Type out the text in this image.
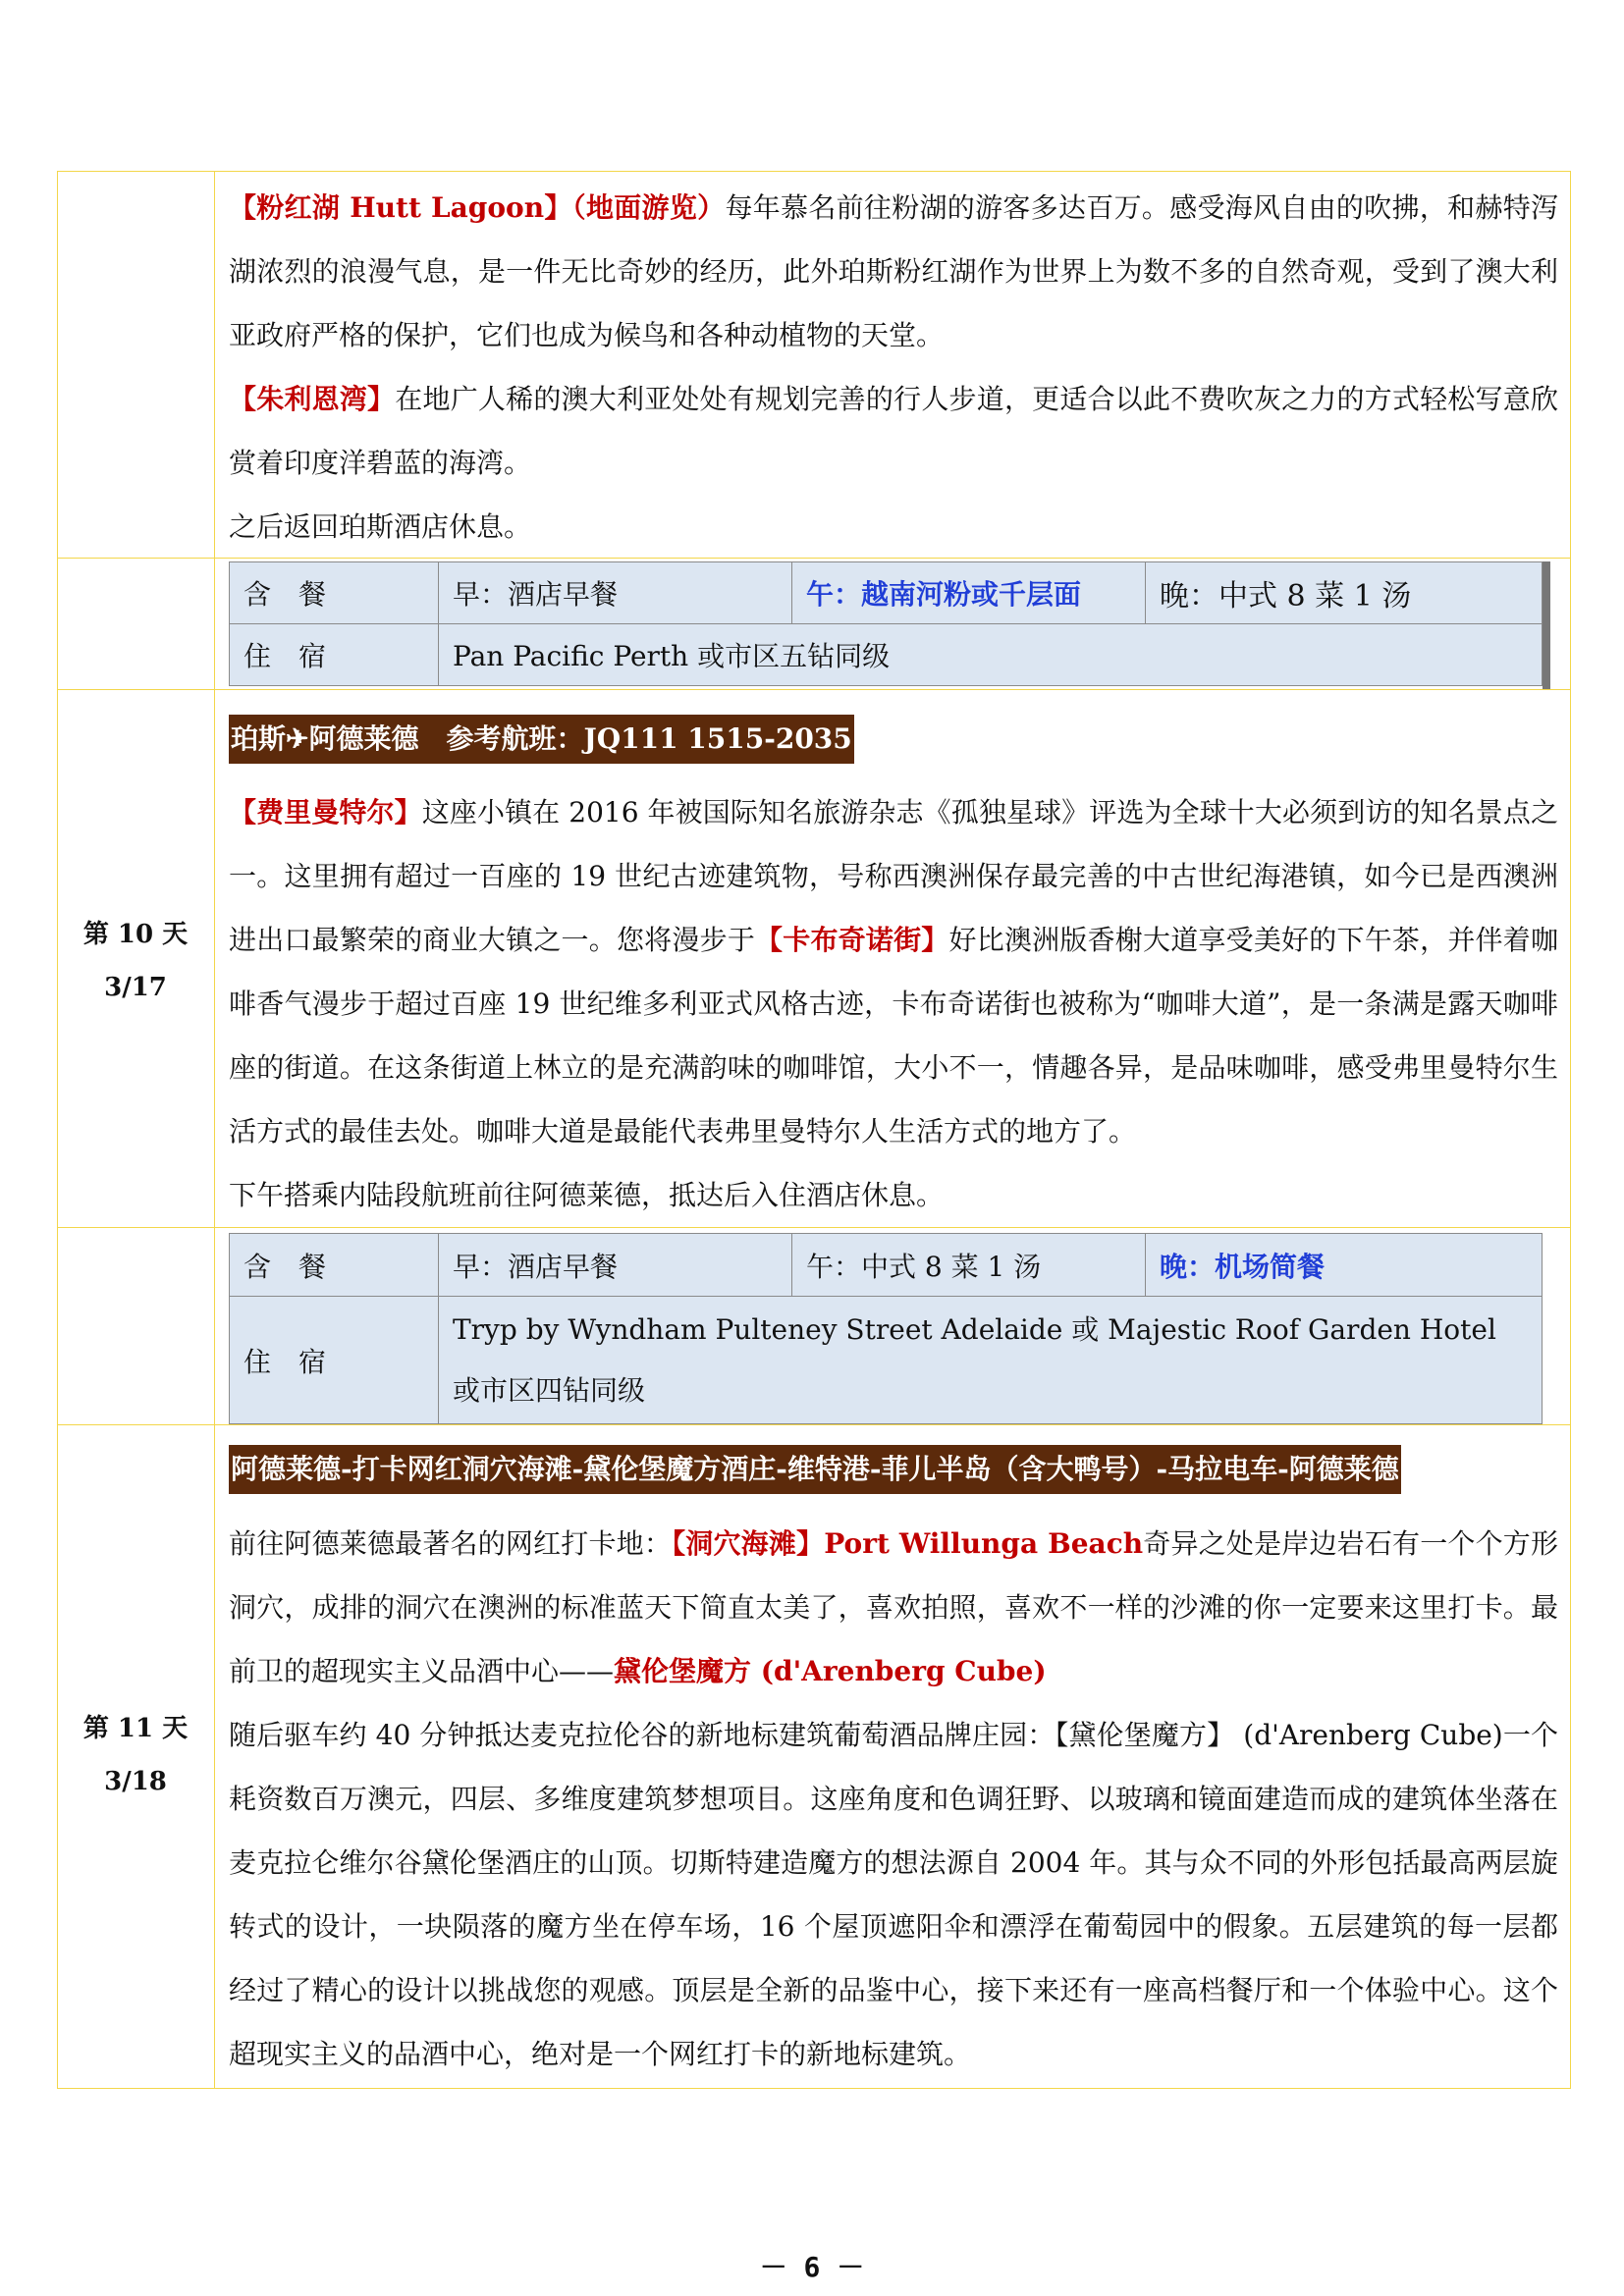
【粉红湖 Hutt Lagoon】（地面游览）每年慕名前往粉湖的游客多达百万。感受海风自由的吹拂，和赫特泻湖浓烈的浪漫气息，是一件无比奇妙的经历，此外珀斯粉红湖作为世界上为数不多的自然奇观，受到了澳大利亚政府严格的保护，它们也成为候鸟和各种动植物的天堂。

【朱利恩湾】在地广人稀的澳大利亚处处有规划完善的行人步道，更适合以此不费吹灰之力的方式轻松写意欣赏着印度洋碧蓝的海湾。

之后返回珀斯酒店休息。

含　餐	早：酒店早餐	午：越南河粉或千层面	晚：中式 8 菜 1 汤
住　宿	Pan Pacific Perth 或市区五钻同级		
第 10 天
3/17
珀斯✈阿德莱德　参考航班：JQ111 1515-2035

【费里曼特尔】这座小镇在 2016 年被国际知名旅游杂志《孤独星球》评选为全球十大必须到访的知名景点之一。这里拥有超过一百座的 19 世纪古迹建筑物，号称西澳洲保存最完善的中古世纪海港镇，如今已是西澳洲进出口最繁荣的商业大镇之一。您将漫步于【卡布奇诺街】好比澳洲版香榭大道享受美好的下午茶，并伴着咖啡香气漫步于超过百座 19 世纪维多利亚式风格古迹，卡布奇诺街也被称为“咖啡大道”，是一条满是露天咖啡座的街道。在这条街道上林立的是充满韵味的咖啡馆，大小不一，情趣各异，是品味咖啡，感受弗里曼特尔生活方式的最佳去处。咖啡大道是最能代表弗里曼特尔人生活方式的地方了。

下午搭乘内陆段航班前往阿德莱德，抵达后入住酒店休息。

含　餐	早：酒店早餐	午：中式 8 菜 1 汤	晚：机场简餐
住　宿	Tryp by Wyndham Pulteney Street Adelaide 或 Majestic Roof Garden Hotel 或市区四钻同级		
第 11 天
3/18
阿德莱德-打卡网红洞穴海滩-黛伦堡魔方酒庄-维特港-菲儿半岛（含大鸭号）-马拉电车-阿德莱德

前往阿德莱德最著名的网红打卡地：【洞穴海滩】Port Willunga Beach奇异之处是岸边岩石有一个个方形洞穴，成排的洞穴在澳洲的标准蓝天下简直太美了，喜欢拍照，喜欢不一样的沙滩的你一定要来这里打卡。最前卫的超现实主义品酒中心——黛伦堡魔方 (d'Arenberg Cube)

随后驱车约 40 分钟抵达麦克拉伦谷的新地标建筑葡萄酒品牌庄园：【黛伦堡魔方】 (d'Arenberg Cube)一个耗资数百万澳元，四层、多维度建筑梦想项目。这座角度和色调狂野、以玻璃和镜面建造而成的建筑体坐落在麦克拉仑维尔谷黛伦堡酒庄的山顶。切斯特建造魔方的想法源自 2004 年。其与众不同的外形包括最高两层旋转式的设计，一块陨落的魔方坐在停车场，16 个屋顶遮阳伞和漂浮在葡萄园中的假象。五层建筑的每一层都经过了精心的设计以挑战您的观感。顶层是全新的品鉴中心，接下来还有一座高档餐厅和一个体验中心。这个超现实主义的品酒中心，绝对是一个网红打卡的新地标建筑。

－ 6 －
